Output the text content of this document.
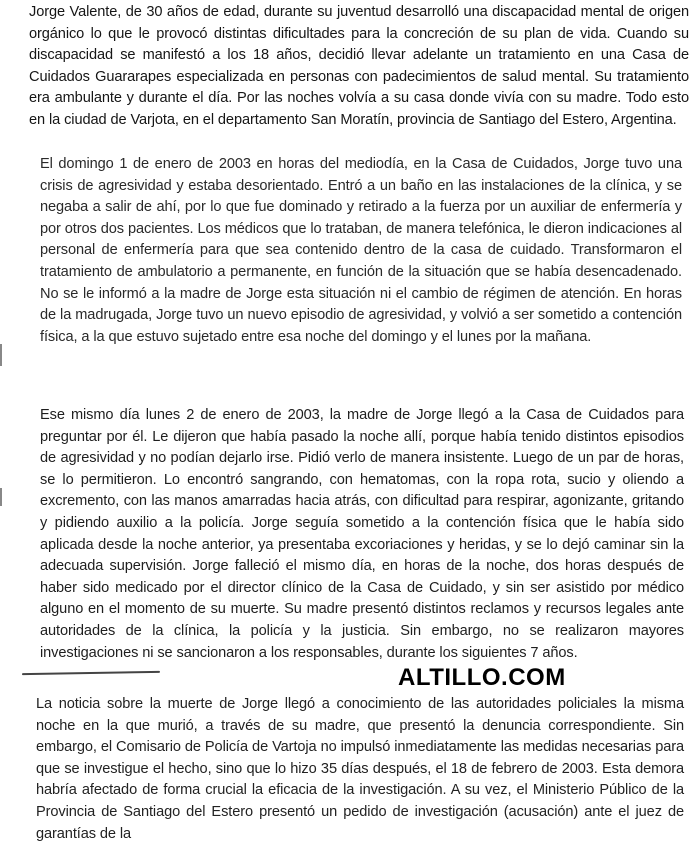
Jorge Valente, de 30 años de edad, durante su juventud desarrolló una discapacidad mental de origen orgánico lo que le provocó distintas dificultades para la concreción de su plan de vida. Cuando su discapacidad se manifestó a los 18 años, decidió llevar adelante un tratamiento en una Casa de Cuidados Guararapes especializada en personas con padecimientos de salud mental. Su tratamiento era ambulante y durante el día. Por las noches volvía a su casa donde vivía con su madre. Todo esto en la ciudad de Varjota, en el departamento San Moratín, provincia de Santiago del Estero, Argentina.

El domingo 1 de enero de 2003 en horas del mediodía, en la Casa de Cuidados, Jorge tuvo una crisis de agresividad y estaba desorientado. Entró a un baño en las instalaciones de la clínica, y se negaba a salir de ahí, por lo que fue dominado y retirado a la fuerza por un auxiliar de enfermería y por otros dos pacientes. Los médicos que lo trataban, de manera telefónica, le dieron indicaciones al personal de enfermería para que sea contenido dentro de la casa de cuidado. Transformaron el tratamiento de ambulatorio a permanente, en función de la situación que se había desencadenado. No se le informó a la madre de Jorge esta situación ni el cambio de régimen de atención. En horas de la madrugada, Jorge tuvo un nuevo episodio de agresividad, y volvió a ser sometido a contención física, a la que estuvo sujetado entre esa noche del domingo y el lunes por la mañana.

Ese mismo día lunes 2 de enero de 2003, la madre de Jorge llegó a la Casa de Cuidados para preguntar por él. Le dijeron que había pasado la noche allí, porque había tenido distintos episodios de agresividad y no podían dejarlo irse. Pidió verlo de manera insistente. Luego de un par de horas, se lo permitieron. Lo encontró sangrando, con hematomas, con la ropa rota, sucio y oliendo a excremento, con las manos amarradas hacia atrás, con dificultad para respirar, agonizante, gritando y pidiendo auxilio a la policía. Jorge seguía sometido a la contención física que le había sido aplicada desde la noche anterior, ya presentaba excoriaciones y heridas, y se lo dejó caminar sin la adecuada supervisión. Jorge falleció el mismo día, en horas de la noche, dos horas después de haber sido medicado por el director clínico de la Casa de Cuidado, y sin ser asistido por médico alguno en el momento de su muerte. Su madre presentó distintos reclamos y recursos legales ante autoridades de la clínica, la policía y la justicia. Sin embargo, no se realizaron mayores investigaciones ni se sancionaron a los responsables, durante los siguientes 7 años.

ALTILLO.COM

La noticia sobre la muerte de Jorge llegó a conocimiento de las autoridades policiales la misma noche en la que murió, a través de su madre, que presentó la denuncia correspondiente. Sin embargo, el Comisario de Policía de Vartoja no impulsó inmediatamente las medidas necesarias para que se investigue el hecho, sino que lo hizo 35 días después, el 18 de febrero de 2003. Esta demora habría afectado de forma crucial la eficacia de la investigación. A su vez, el Ministerio Público de la Provincia de Santiago del Estero presentó un pedido de investigación (acusación) ante el juez de garantías de la
